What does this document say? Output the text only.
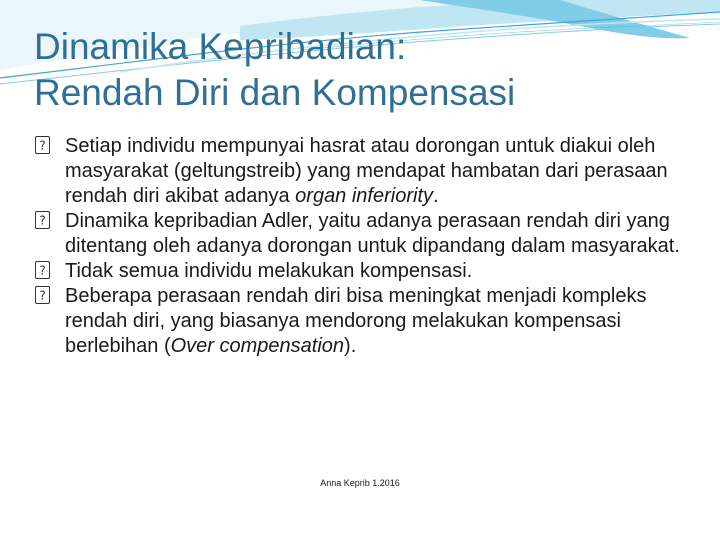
Dinamika Kepribadian:
Rendah Diri dan Kompensasi
? Setiap individu mempunyai hasrat atau dorongan untuk diakui oleh masyarakat (geltungstreib) yang mendapat hambatan dari perasaan rendah diri akibat adanya organ inferiority.
? Dinamika kepribadian Adler, yaitu adanya perasaan rendah diri yang ditentang oleh adanya dorongan untuk dipandang dalam masyarakat.
? Tidak semua individu melakukan kompensasi.
? Beberapa perasaan rendah diri bisa meningkat menjadi kompleks rendah diri, yang biasanya mendorong melakukan kompensasi berlebihan (Over compensation).
Anna Keprib 1.2016
